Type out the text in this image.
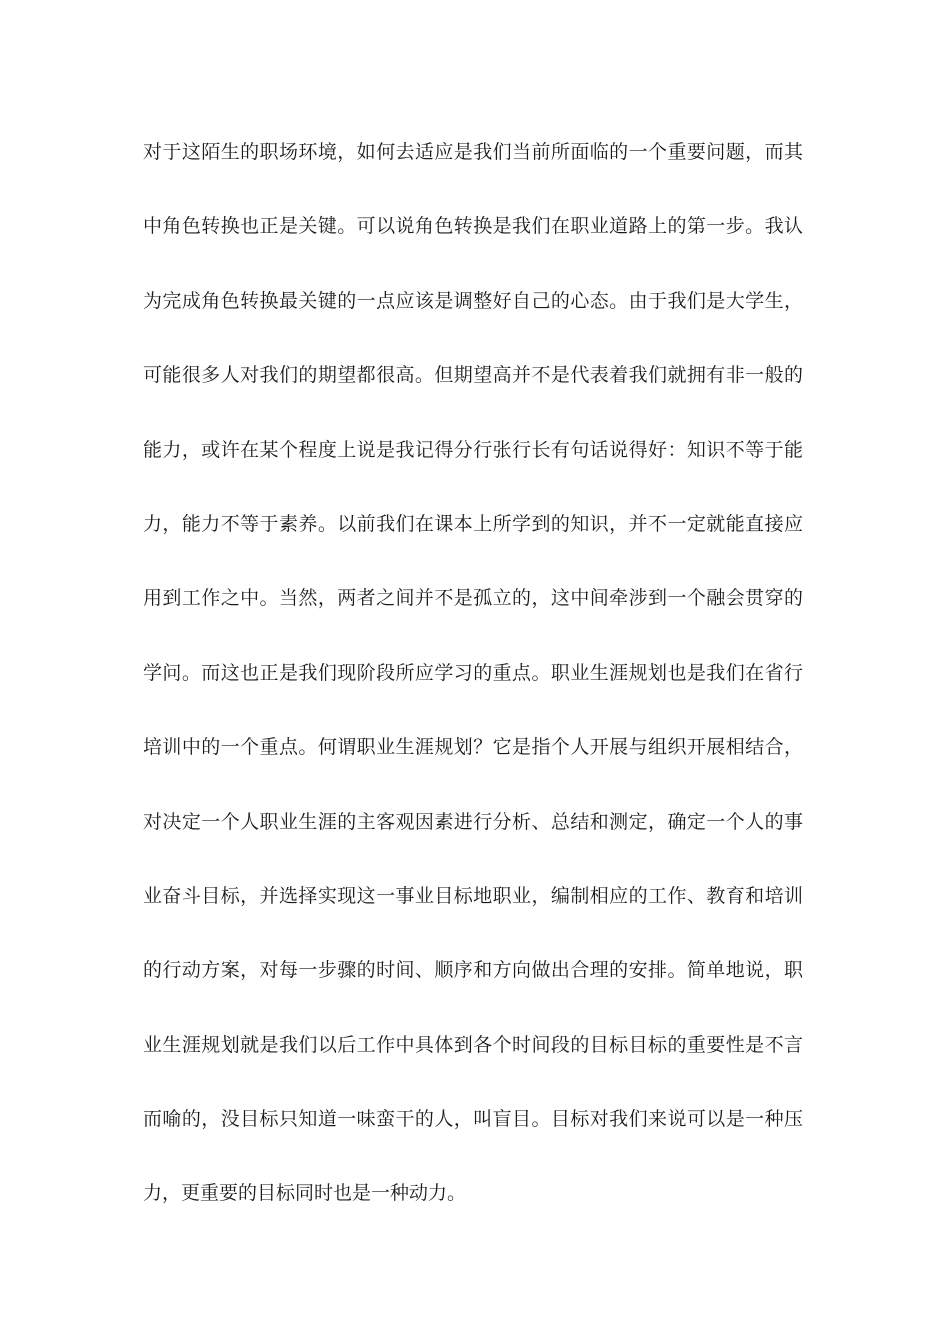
对于这陌生的职场环境，如何去适应是我们当前所面临的一个重要问题，而其
中角色转换也正是关键。可以说角色转换是我们在职业道路上的第一步。我认
为完成角色转换最关键的一点应该是调整好自己的心态。由于我们是大学生，
可能很多人对我们的期望都很高。但期望高并不是代表着我们就拥有非一般的
能力，或许在某个程度上说是我记得分行张行长有句话说得好：知识不等于能
力，能力不等于素养。以前我们在课本上所学到的知识，并不一定就能直接应
用到工作之中。当然，两者之间并不是孤立的，这中间牵涉到一个融会贯穿的
学问。而这也正是我们现阶段所应学习的重点。职业生涯规划也是我们在省行
培训中的一个重点。何谓职业生涯规划？它是指个人开展与组织开展相结合，
对决定一个人职业生涯的主客观因素进行分析、总结和测定，确定一个人的事
业奋斗目标，并选择实现这一事业目标地职业，编制相应的工作、教育和培训
的行动方案，对每一步骤的时间、顺序和方向做出合理的安排。简单地说，职
业生涯规划就是我们以后工作中具体到各个时间段的目标目标的重要性是不言
而喻的，没目标只知道一味蛮干的人，叫盲目。目标对我们来说可以是一种压
力，更重要的目标同时也是一种动力。
